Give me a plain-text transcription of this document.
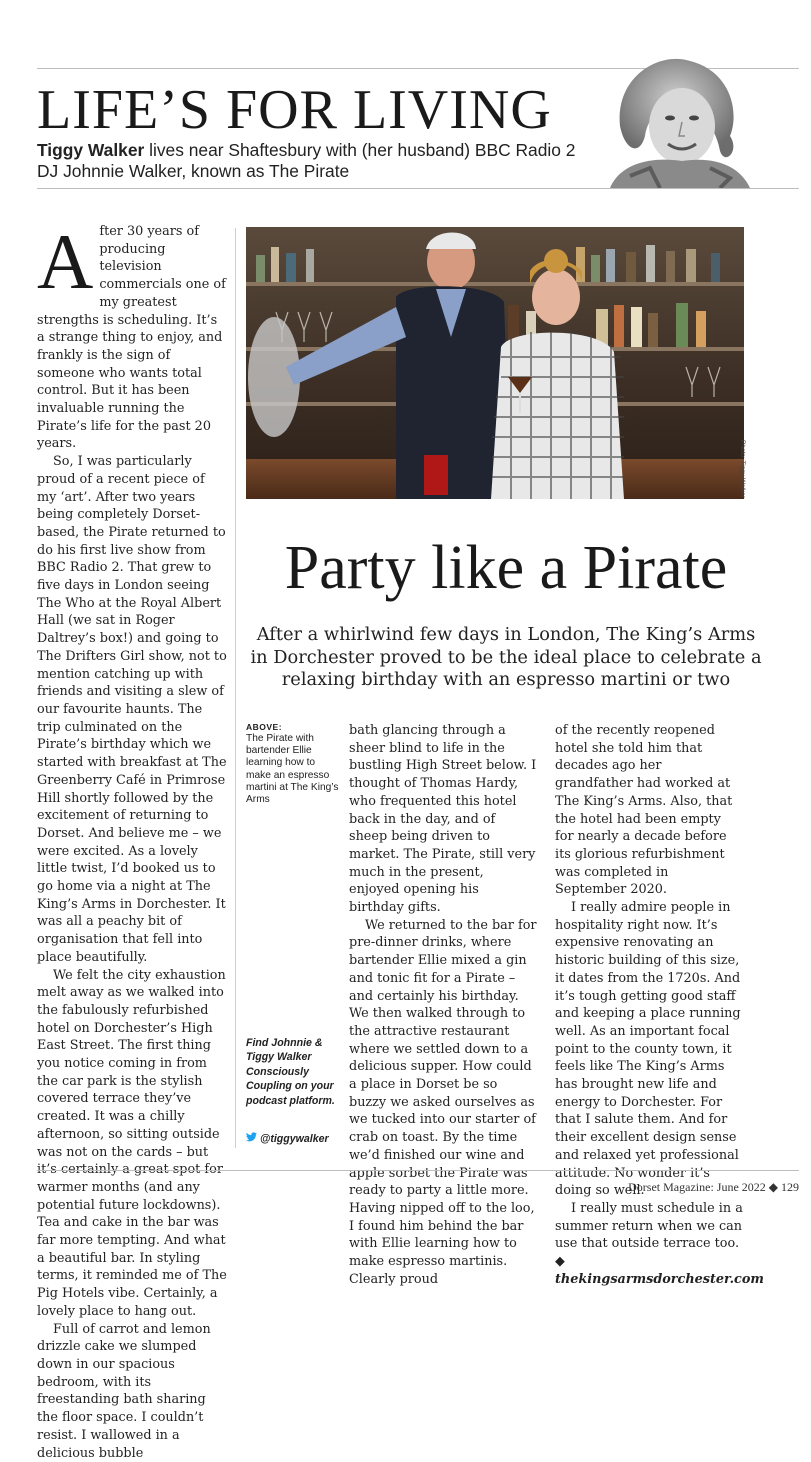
LIFE’S FOR LIVING
Tiggy Walker lives near Shaftesbury with (her husband) BBC Radio 2 DJ Johnnie Walker, known as The Pirate

After 30 years of producing television commercials one of my greatest strengths is scheduling. It’s a strange thing to enjoy, and frankly is the sign of someone who wants total control. But it has been invaluable running the Pirate’s life for the past 20 years.

So, I was particularly proud of a recent piece of my ‘art’. After two years being completely Dorset-based, the Pirate returned to do his first live show from BBC Radio 2. That grew to five days in London seeing The Who at the Royal Albert Hall (we sat in Roger Daltrey’s box!) and going to The Drifters Girl show, not to mention catching up with friends and visiting a slew of our favourite haunts. The trip culminated on the Pirate’s birthday which we started with breakfast at The Greenberry Café in Primrose Hill shortly followed by the excitement of returning to Dorset. And believe me – we were excited. As a lovely little twist, I’d booked us to go home via a night at The King’s Arms in Dorchester. It was all a peachy bit of organisation that fell into place beautifully.

We felt the city exhaustion melt away as we walked into the fabulously refurbished hotel on Dorchester’s High East Street. The first thing you notice coming in from the car park is the stylish covered terrace they’ve created. It was a chilly afternoon, so sitting outside was not on the cards – but it’s certainly a great spot for warmer months (and any potential future lockdowns). Tea and cake in the bar was far more tempting. And what a beautiful bar. In styling terms, it reminded me of The Pig Hotels vibe. Certainly, a lovely place to hang out.

Full of carrot and lemon drizzle cake we slumped down in our spacious bedroom, with its freestanding bath sharing the floor space. I couldn’t resist. I wallowed in a delicious bubble

Photo: Tiggy Walker
Party like a Pirate
After a whirlwind few days in London, The King’s Arms in Dorchester proved to be the ideal place to celebrate a relaxing birthday with an espresso martini or two
ABOVE:
The Pirate with bartender Ellie learning how to make an espresso martini at The King’s Arms

bath glancing through a sheer blind to life in the bustling High Street below. I thought of Thomas Hardy, who frequented this hotel back in the day, and of sheep being driven to market. The Pirate, still very much in the present, enjoyed opening his birthday gifts.

We returned to the bar for pre-dinner drinks, where bartender Ellie mixed a gin and tonic fit for a Pirate – and certainly his birthday. We then walked through to the attractive restaurant where we settled down to a delicious supper. How could a place in Dorset be so buzzy we asked ourselves as we tucked into our starter of crab on toast. By the time we’d finished our wine and apple sorbet the Pirate was ready to party a little more. Having nipped off to the loo, I found him behind the bar with Ellie learning how to make espresso martinis. Clearly proud

of the recently reopened hotel she told him that decades ago her grandfather had worked at The King’s Arms. Also, that the hotel had been empty for nearly a decade before its glorious refurbishment was completed in September 2020.

I really admire people in hospitality right now. It’s expensive renovating an historic building of this size, it dates from the 1720s. And it’s tough getting good staff and keeping a place running well. As an important focal point to the county town, it feels like The King’s Arms has brought new life and energy to Dorchester. For that I salute them. And for their excellent design sense and relaxed yet professional attitude. No wonder it’s doing so well.

I really must schedule in a summer return when we can use that outside terrace too. ◆

thekingsarmsdorchester.com

Find Johnnie & Tiggy Walker Consciously Coupling on your podcast platform.
@tiggywalker
Dorset Magazine: June 2022 ◆ 129
